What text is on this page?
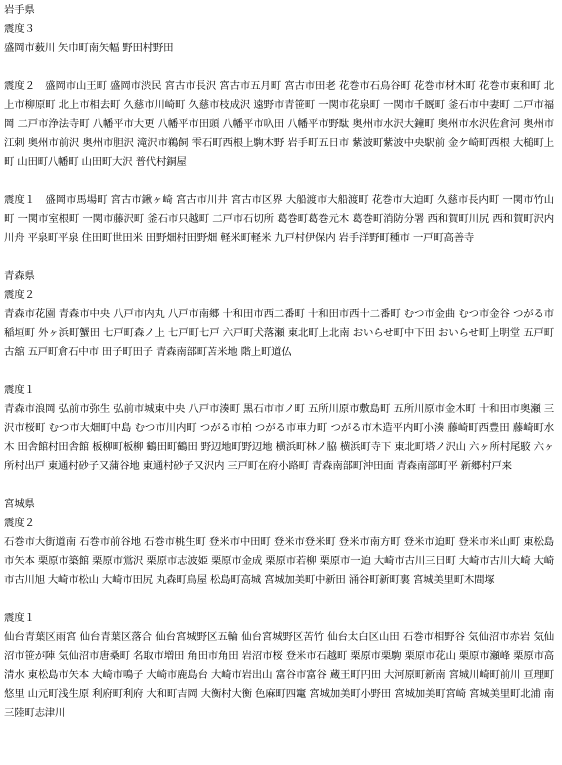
岩手県
震度３
盛岡市薮川 矢巾町南矢幅 野田村野田
震度２　 盛岡市山王町 盛岡市渋民 宮古市長沢 宮古市五月町 宮古市田老 花巻市石鳥谷町 花巻市材木町 花巻市東和町 北上市柳原町 北上市相去町 久慈市川崎町 久慈市枝成沢 遠野市青笹町 一関市花泉町 一関市千厩町 釜石市中妻町 二戸市福岡 二戸市浄法寺町 八幡平市大更 八幡平市田頭 八幡平市叺田 八幡平市野駄 奥州市水沢大鐘町 奥州市水沢佐倉河 奥州市江刺 奥州市前沢 奥州市胆沢 滝沢市鵜飼 雫石町西根上駒木野 岩手町五日市 紫波町紫波中央駅前 金ケ崎町西根 大槌町上町 山田町八幡町 山田町大沢 普代村銅屋
震度１　 盛岡市馬場町 宮古市鍬ヶ崎 宮古市川井 宮古市区界 大船渡市大船渡町 花巻市大迫町 久慈市長内町 一関市竹山町 一関市室根町 一関市藤沢町 釜石市只越町 二戸市石切所 葛巻町葛巻元木 葛巻町消防分署 西和賀町川尻 西和賀町沢内川舟 平泉町平泉 住田町世田米 田野畑村田野畑 軽米町軽米 九戸村伊保内 岩手洋野町種市 一戸町高善寺
青森県
震度２
青森市花園 青森市中央 八戸市内丸 八戸市南郷 十和田市西二番町 十和田市西十二番町 むつ市金曲 むつ市金谷 つがる市稲垣町 外ヶ浜町蟹田 七戸町森ノ上 七戸町七戸 六戸町犬落瀬 東北町上北南 おいらせ町中下田 おいらせ町上明堂 五戸町古舘 五戸町倉石中市 田子町田子 青森南部町苫米地 階上町道仏
震度１
青森市浪岡 弘前市弥生 弘前市城東中央 八戸市湊町 黒石市市ノ町 五所川原市敷島町 五所川原市金木町 十和田市奥瀬 三沢市桜町 むつ市大畑町中島 むつ市川内町 つがる市柏 つがる市車力町 つがる市木造平内町小湊 藤崎町西豊田 藤崎町水木 田舎館村田舎館 板柳町板柳 鶴田町鶴田 野辺地町野辺地 横浜町林ノ脇 横浜町寺下 東北町塔ノ沢山 六ヶ所村尾駮 六ヶ所村出戸 東通村砂子又蒲谷地 東通村砂子又沢内 三戸町在府小路町 青森南部町沖田面 青森南部町平 新郷村戸来
宮城県
震度２
石巻市大街道南 石巻市前谷地 石巻市桃生町 登米市中田町 登米市登米町 登米市南方町 登米市迫町 登米市米山町 東松島市矢本 栗原市築館 栗原市鴬沢 栗原市志波姫 栗原市金成 栗原市若柳 栗原市一迫 大崎市古川三日町 大崎市古川大崎 大崎市古川旭 大崎市松山 大崎市田尻 丸森町鳥屋 松島町高城 宮城加美町中新田 涌谷町新町裏 宮城美里町木間塚
震度１
仙台青葉区雨宮 仙台青葉区落合 仙台宮城野区五輪 仙台宮城野区苦竹 仙台太白区山田 石巻市相野谷 気仙沼市赤岩 気仙沼市笹が陣 気仙沼市唐桑町 名取市増田 角田市角田 岩沼市桜 登米市石越町 栗原市栗駒 栗原市花山 栗原市瀬峰 栗原市高清水 東松島市矢本 大崎市鳴子 大崎市鹿島台 大崎市岩出山 富谷市富谷 蔵王町円田 大河原町新南 宮城川崎町前川 亘理町悠里 山元町浅生原 利府町利府 大和町吉岡 大衡村大衡 色麻町四竃 宮城加美町小野田 宮城加美町宮崎 宮城美里町北浦 南三陸町志津川
